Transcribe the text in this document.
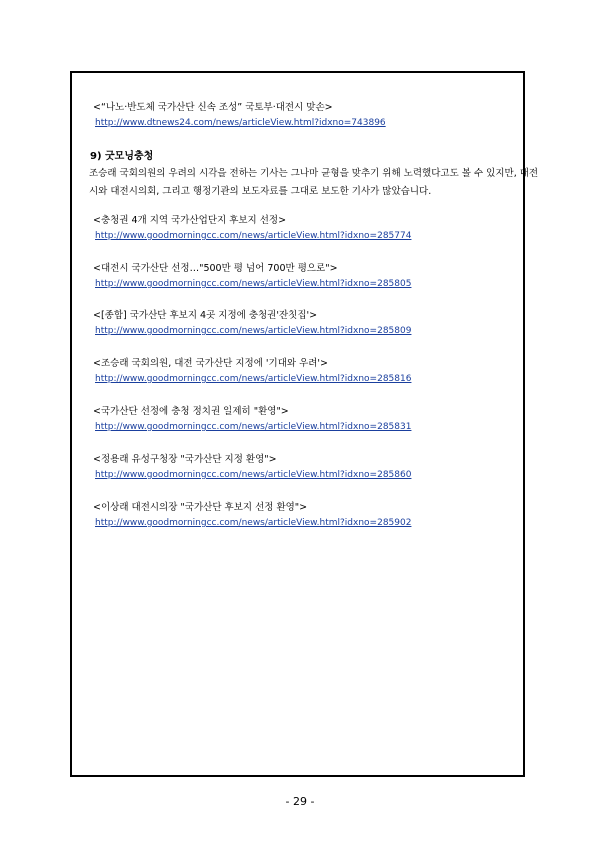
<“나노·반도체 국가산단 신속 조성” 국토부·대전시 맞손>
http://www.dtnews24.com/news/articleView.html?idxno=743896
9) 굿모닝충청
조승래 국회의원의 우려의 시각을 전하는 기사는 그나마 균형을 맞추기 위해 노력했다고도 볼 수 있지만, 대전
시와 대전시의회, 그리고 행정기관의 보도자료를 그대로 보도한 기사가 많았습니다.
<충청권 4개 지역 국가산업단지 후보지 선정>
http://www.goodmorningcc.com/news/articleView.html?idxno=285774
<대전시 국가산단 선정…"500만 평 넘어 700만 평으로">
http://www.goodmorningcc.com/news/articleView.html?idxno=285805
<[종합] 국가산단 후보지 4곳 지정에 충청권'잔칫집'>
http://www.goodmorningcc.com/news/articleView.html?idxno=285809
<조승래 국회의원, 대전 국가산단 지정에 '기대와 우려'>
http://www.goodmorningcc.com/news/articleView.html?idxno=285816
<국가산단 선정에 충청 정치권 일제히 "환영">
http://www.goodmorningcc.com/news/articleView.html?idxno=285831
<정용래 유성구청장 "국가산단 지정 환영">
http://www.goodmorningcc.com/news/articleView.html?idxno=285860
<이상래 대전시의장 "국가산단 후보지 선정 환영">
http://www.goodmorningcc.com/news/articleView.html?idxno=285902
- 29 -
